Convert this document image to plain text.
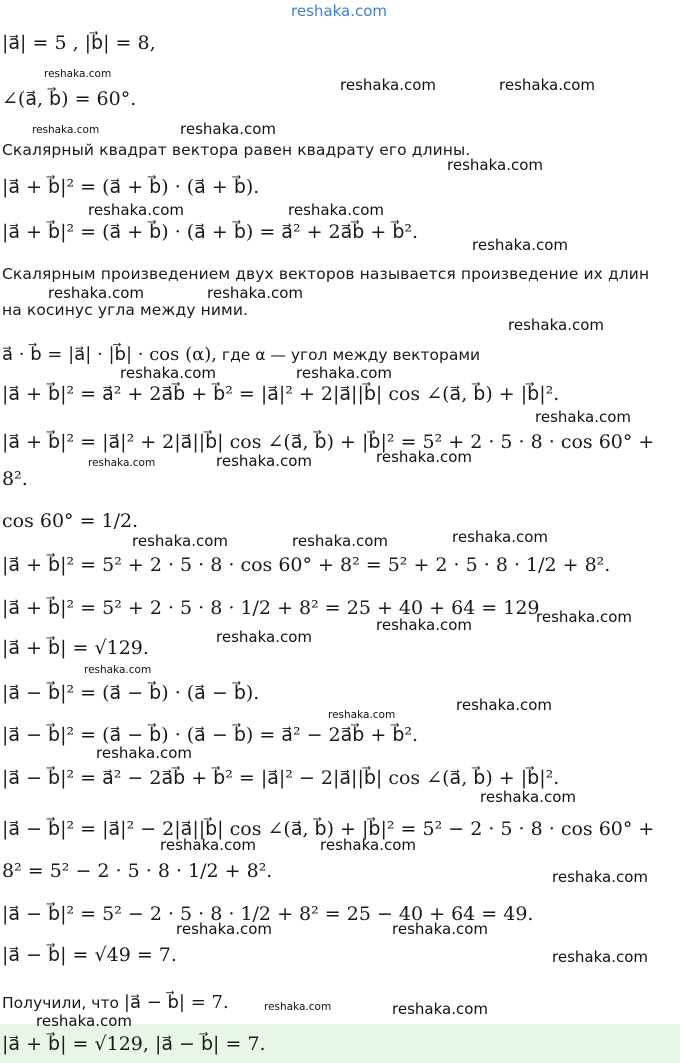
reshaka.com
|a⃗| = 5 , |b⃗| = 8,
∠(a⃗, b⃗) = 60°.
Скалярный квадрат вектора равен квадрату его длины.
|a⃗ + b⃗|² = (a⃗ + b⃗) · (a⃗ + b⃗).
|a⃗ + b⃗|² = (a⃗ + b⃗) · (a⃗ + b⃗) = a⃗² + 2a⃗b⃗ + b⃗².
Скалярным произведением двух векторов называется произведение их длин
на косинус угла между ними.
a⃗ · b⃗ = |a⃗| · |b⃗| · cos (α), где α — угол между векторами
|a⃗ + b⃗|² = a⃗² + 2a⃗b⃗ + b⃗² = |a⃗|² + 2|a⃗||b⃗| cos ∠(a⃗, b⃗) + |b⃗|².
|a⃗ + b⃗|² = |a⃗|² + 2|a⃗||b⃗| cos ∠(a⃗, b⃗) + |b⃗|² = 5² + 2 · 5 · 8 · cos 60° +
8².
cos 60° = 1/2.
|a⃗ + b⃗|² = 5² + 2 · 5 · 8 · cos 60° + 8² = 5² + 2 · 5 · 8 · 1/2 + 8².
|a⃗ + b⃗|² = 5² + 2 · 5 · 8 · 1/2 + 8² = 25 + 40 + 64 = 129
|a⃗ + b⃗| = √129.
|a⃗ − b⃗|² = (a⃗ − b⃗) · (a⃗ − b⃗).
|a⃗ − b⃗|² = (a⃗ − b⃗) · (a⃗ − b⃗) = a⃗² − 2a⃗b⃗ + b⃗².
|a⃗ − b⃗|² = a⃗² − 2a⃗b⃗ + b⃗² = |a⃗|² − 2|a⃗||b⃗| cos ∠(a⃗, b⃗) + |b⃗|².
|a⃗ − b⃗|² = |a⃗|² − 2|a⃗||b⃗| cos ∠(a⃗, b⃗) + |b⃗|² = 5² − 2 · 5 · 8 · cos 60° +
8² = 5² − 2 · 5 · 8 · 1/2 + 8².
|a⃗ − b⃗|² = 5² − 2 · 5 · 8 · 1/2 + 8² = 25 − 40 + 64 = 49.
|a⃗ − b⃗| = √49 = 7.
Получили, что |a⃗ − b⃗| = 7.
|a⃗ + b⃗| = √129, |a⃗ − b⃗| = 7.
reshaka.com
reshaka.com	reshaka.com
reshaka.com	reshaka.com
reshaka.com
reshaka.com	reshaka.com
reshaka.com
reshaka.com	reshaka.com
reshaka.com
reshaka.com	reshaka.com
reshaka.com
reshaka.com	reshaka.com	reshaka.com
reshaka.com
reshaka.com	reshaka.com
reshaka.com
reshaka.com
reshaka.com
reshaka.com
reshaka.com
reshaka.com
reshaka.com
reshaka.com
reshaka.com	reshaka.com
reshaka.com
reshaka.com	reshaka.com
reshaka.com
reshaka.com	reshaka.com
reshaka.com
